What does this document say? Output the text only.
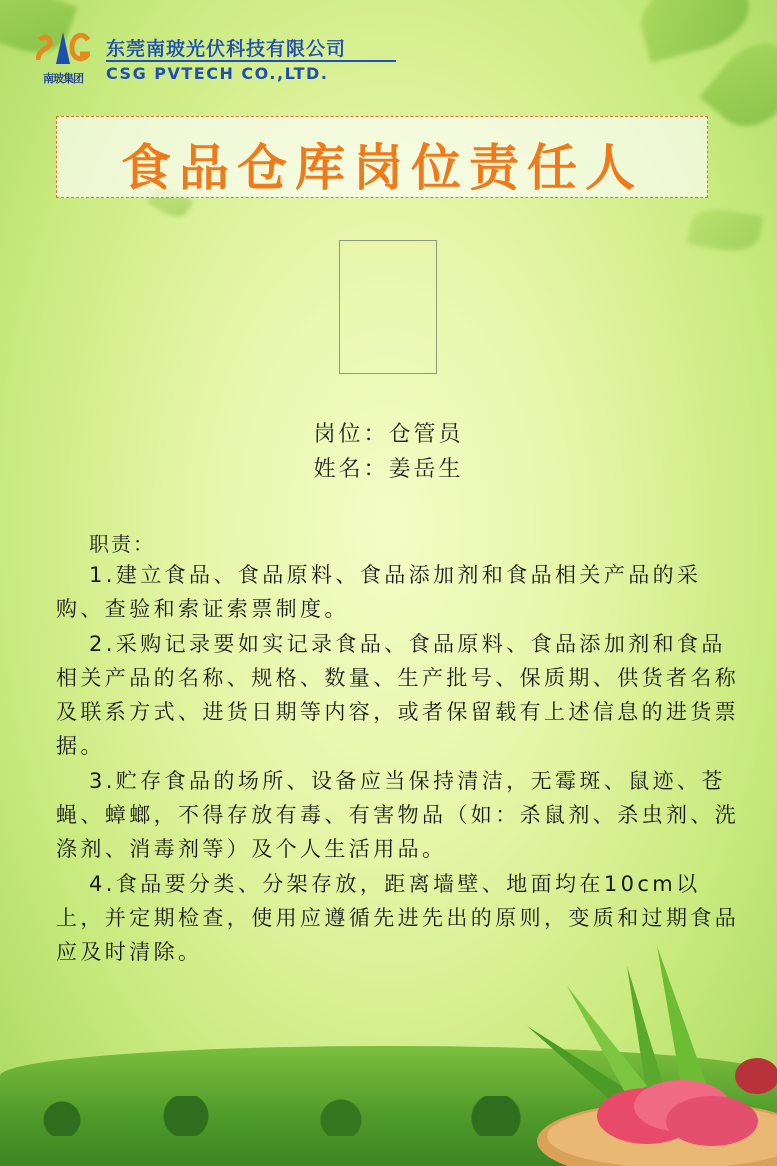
南玻集团
东莞南玻光伏科技有限公司
CSG PVTECH CO.,LTD.
食品仓库岗位责任人
岗位：仓管员
姓名：姜岳生
职责：

1.建立食品、食品原料、食品添加剂和食品相关产品的采购、查验和索证索票制度。

2.采购记录要如实记录食品、食品原料、食品添加剂和食品相关产品的名称、规格、数量、生产批号、保质期、供货者名称及联系方式、进货日期等内容，或者保留载有上述信息的进货票据。

3.贮存食品的场所、设备应当保持清洁，无霉斑、鼠迹、苍蝇、蟑螂，不得存放有毒、有害物品（如：杀鼠剂、杀虫剂、洗涤剂、消毒剂等）及个人生活用品。

4.食品要分类、分架存放，距离墙壁、地面均在10cm以上，并定期检查，使用应遵循先进先出的原则，变质和过期食品应及时清除。
